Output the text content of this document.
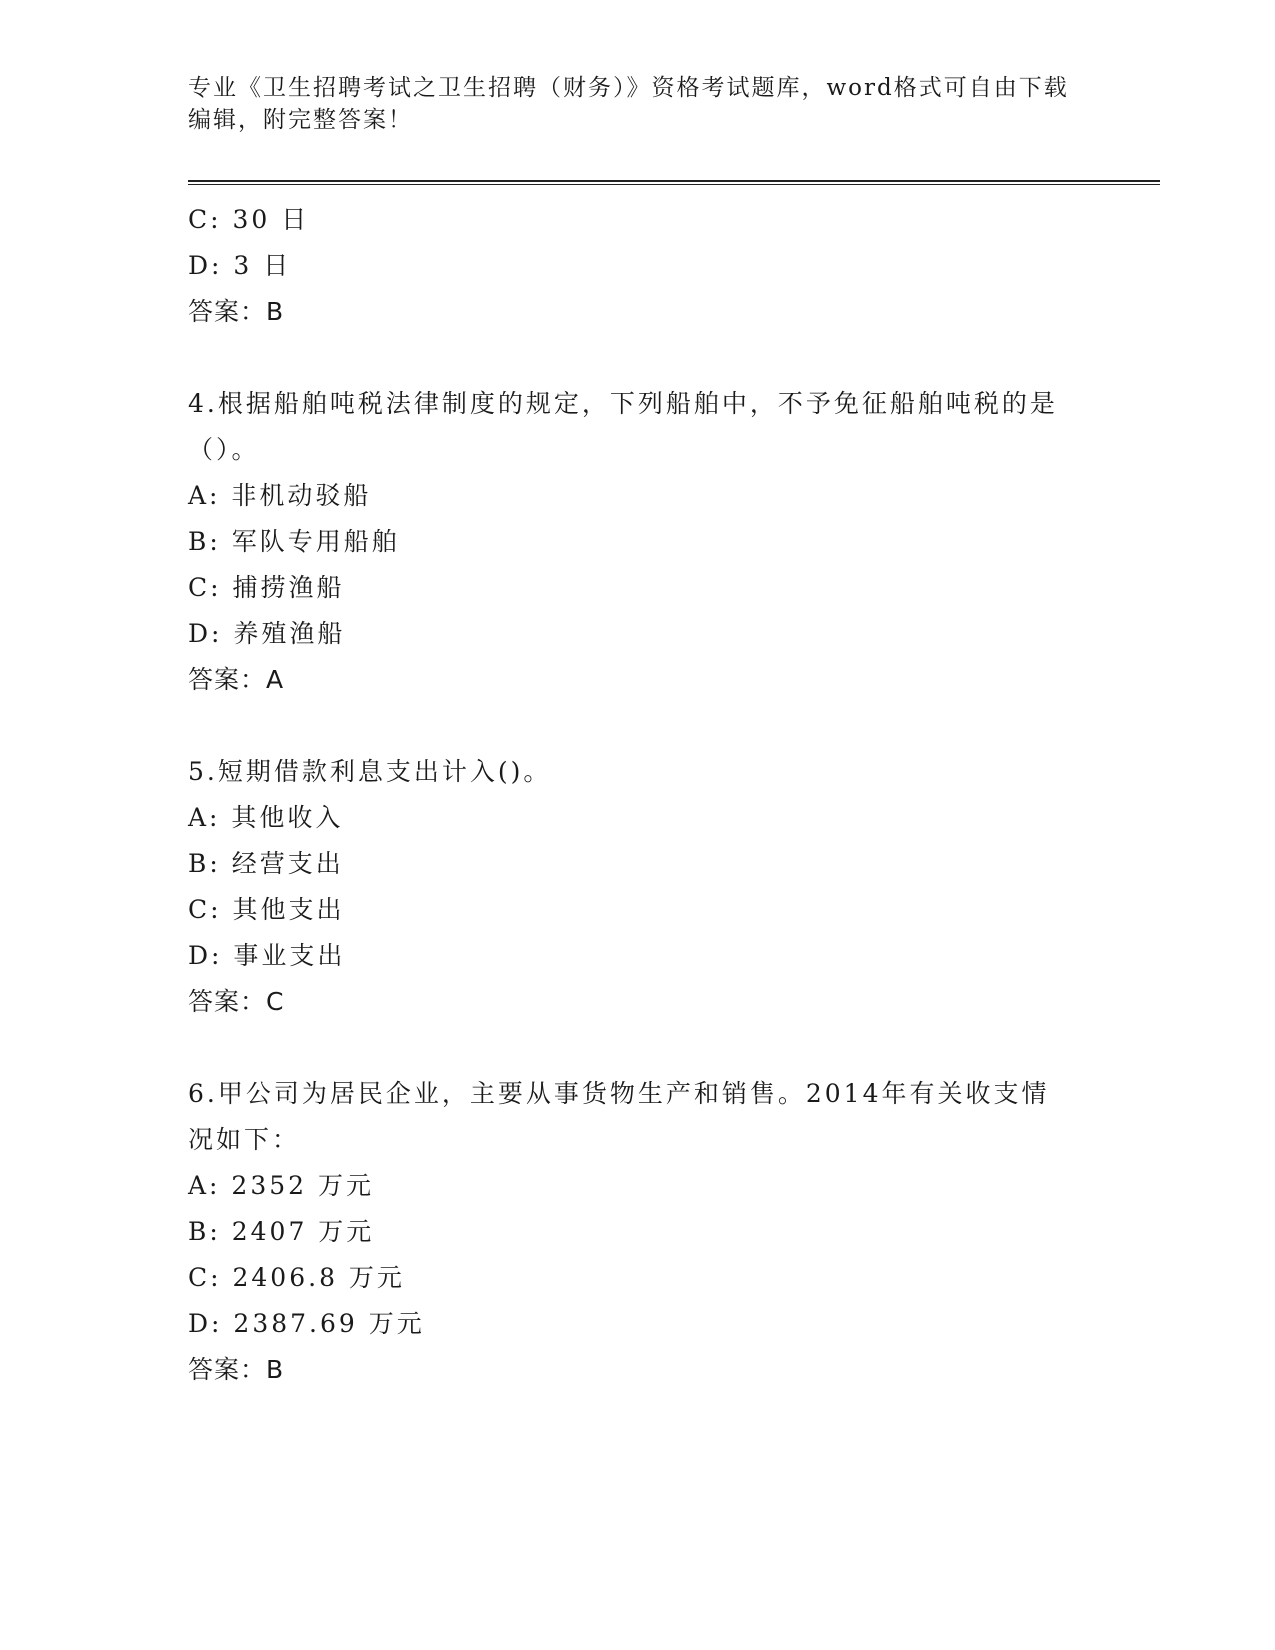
专业《卫生招聘考试之卫生招聘（财务）》资格考试题库，word格式可自由下载编辑，附完整答案！

C: 30 日

D: 3 日

答案：B

4.根据船舶吨税法律制度的规定，下列船舶中，不予免征船舶吨税的是（）。

A: 非机动驳船

B: 军队专用船舶

C: 捕捞渔船

D: 养殖渔船

答案：A

5.短期借款利息支出计入()。

A: 其他收入

B: 经营支出

C: 其他支出

D: 事业支出

答案：C

6.甲公司为居民企业，主要从事货物生产和销售。2014年有关收支情况如下：

A: 2352 万元

B: 2407 万元

C: 2406.8 万元

D: 2387.69 万元

答案：B
